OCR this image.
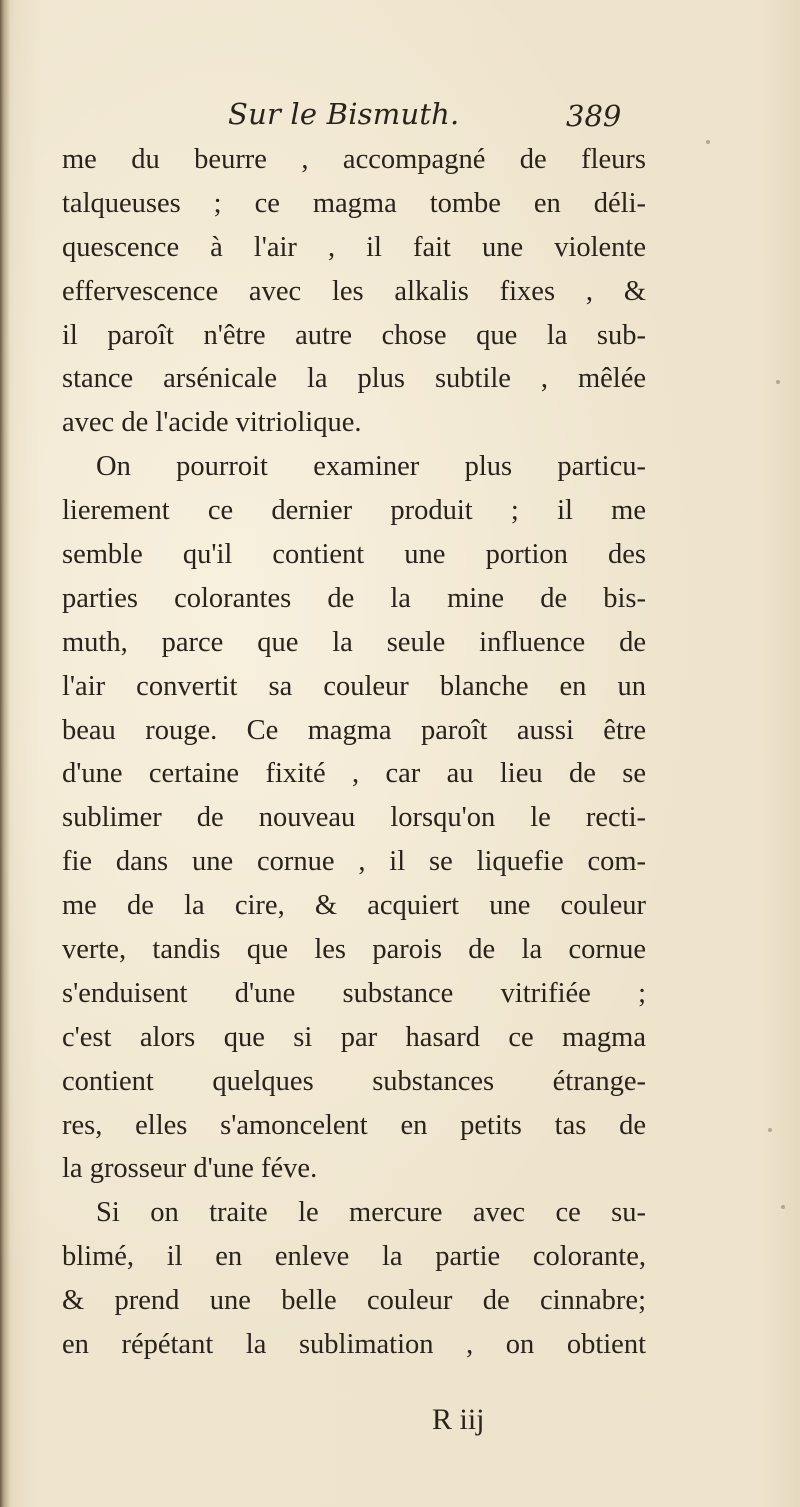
Sur le Bismuth.	389
me du beurre , accompagné de fleurs
talqueuses ; ce magma tombe en déli-
quescence à l'air , il fait une violente
effervescence avec les alkalis fixes , &
il paroît n'être autre chose que la sub-
stance arsénicale la plus subtile , mêlée
avec de l'acide vitriolique.
On pourroit examiner plus particu-
lierement ce dernier produit ; il me
semble qu'il contient une portion des
parties colorantes de la mine de bis-
muth, parce que la seule influence de
l'air convertit sa couleur blanche en un
beau rouge. Ce magma paroît aussi être
d'une certaine fixité , car au lieu de se
sublimer de nouveau lorsqu'on le recti-
fie dans une cornue , il se liquefie com-
me de la cire, & acquiert une couleur
verte, tandis que les parois de la cornue
s'enduisent d'une substance vitrifiée ;
c'est alors que si par hasard ce magma
contient quelques substances étrange-
res, elles s'amoncelent en petits tas de
la grosseur d'une féve.
Si on traite le mercure avec ce su-
blimé, il en enleve la partie colorante,
& prend une belle couleur de cinnabre;
en répétant la sublimation , on obtient
R iij
